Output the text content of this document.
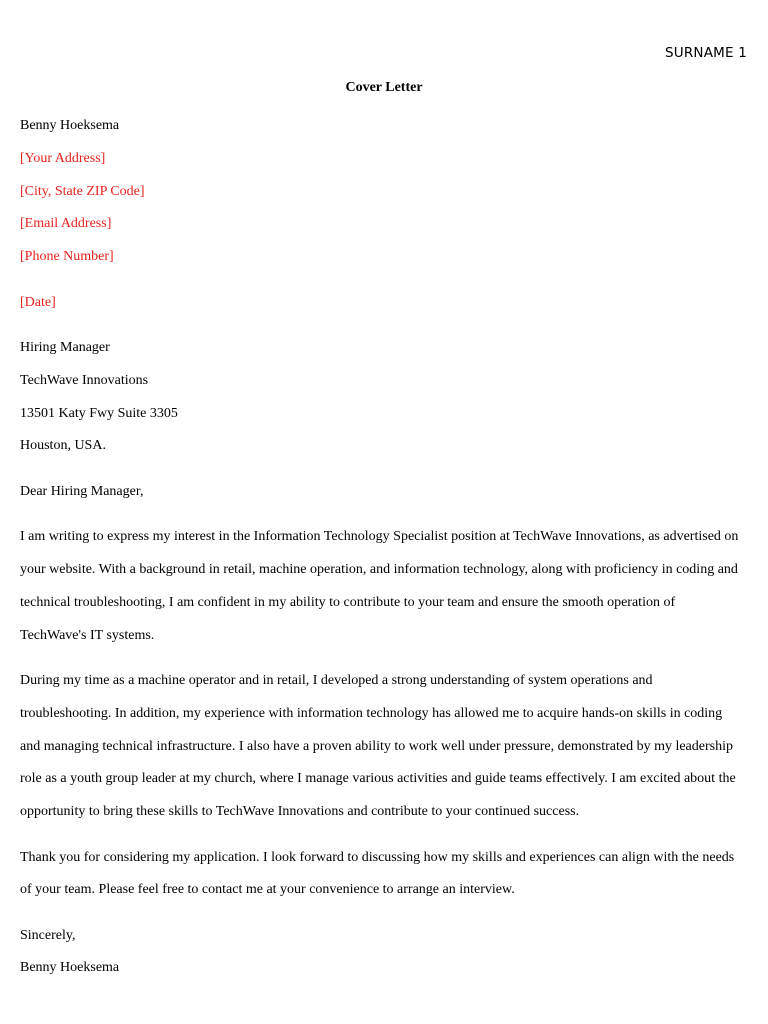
SURNAME 1
Cover Letter

Benny Hoeksema

[Your Address]

[City, State ZIP Code]

[Email Address]

[Phone Number]

[Date]

Hiring Manager

TechWave Innovations

13501 Katy Fwy Suite 3305

Houston, USA.

Dear Hiring Manager,

I am writing to express my interest in the Information Technology Specialist position at TechWave Innovations, as advertised on your website. With a background in retail, machine operation, and information technology, along with proficiency in coding and technical troubleshooting, I am confident in my ability to contribute to your team and ensure the smooth operation of TechWave's IT systems.

During my time as a machine operator and in retail, I developed a strong understanding of system operations and troubleshooting. In addition, my experience with information technology has allowed me to acquire hands-on skills in coding and managing technical infrastructure. I also have a proven ability to work well under pressure, demonstrated by my leadership role as a youth group leader at my church, where I manage various activities and guide teams effectively. I am excited about the opportunity to bring these skills to TechWave Innovations and contribute to your continued success.

Thank you for considering my application. I look forward to discussing how my skills and experiences can align with the needs of your team. Please feel free to contact me at your convenience to arrange an interview.

Sincerely,

Benny Hoeksema
